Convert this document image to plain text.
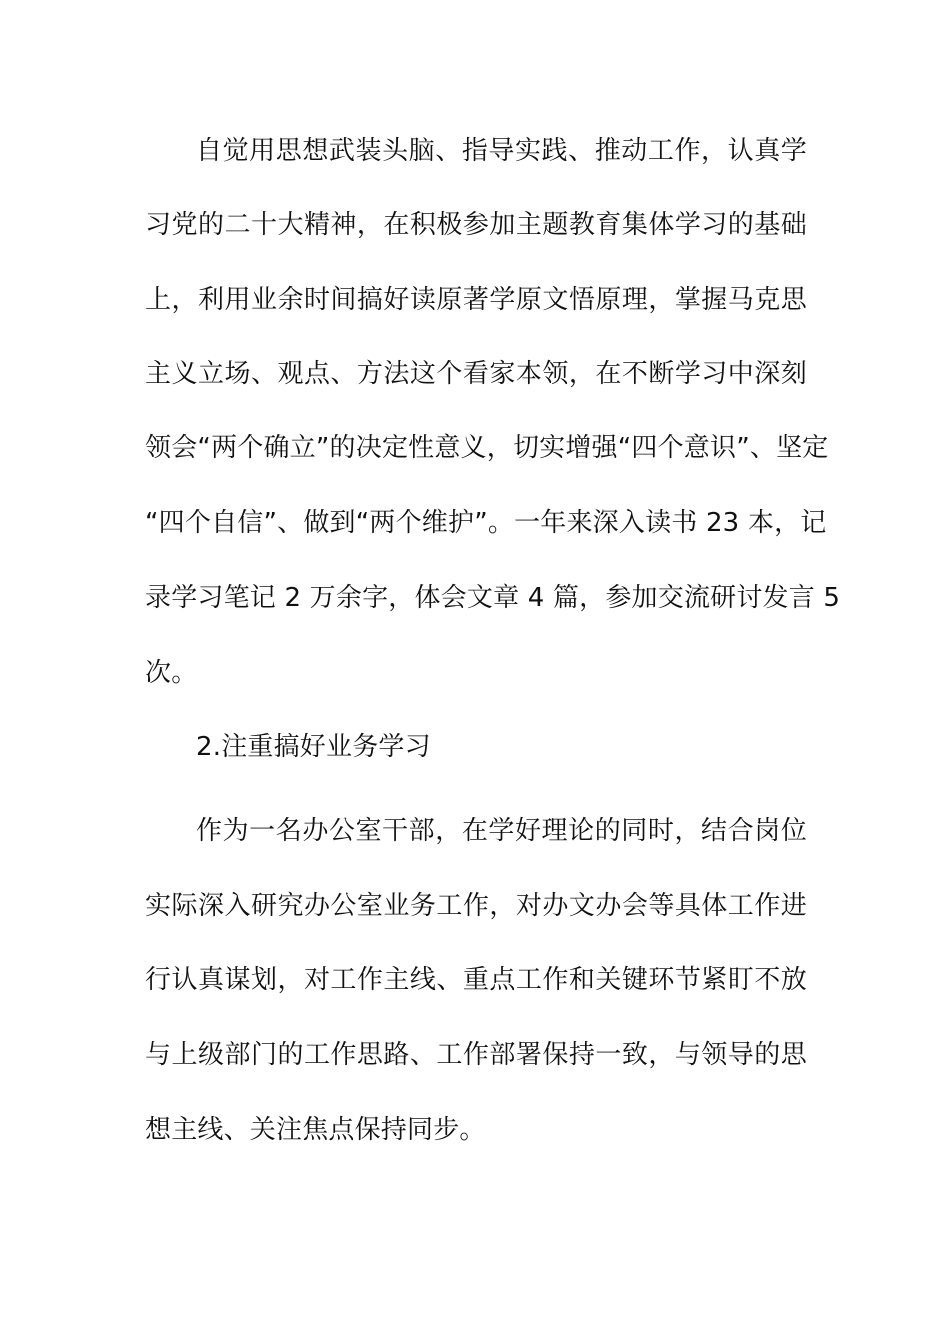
自觉用思想武装头脑、指导实践、推动工作，认真学
习党的二十大精神，在积极参加主题教育集体学习的基础
上，利用业余时间搞好读原著学原文悟原理，掌握马克思
主义立场、观点、方法这个看家本领，在不断学习中深刻
领会“两个确立”的决定性意义，切实增强“四个意识”、坚定
“四个自信”、做到“两个维护”。一年来深入读书 23 本，记
录学习笔记 2 万余字，体会文章 4 篇，参加交流研讨发言 5
次。
2.注重搞好业务学习
作为一名办公室干部，在学好理论的同时，结合岗位
实际深入研究办公室业务工作，对办文办会等具体工作进
行认真谋划，对工作主线、重点工作和关键环节紧盯不放
与上级部门的工作思路、工作部署保持一致，与领导的思
想主线、关注焦点保持同步。
